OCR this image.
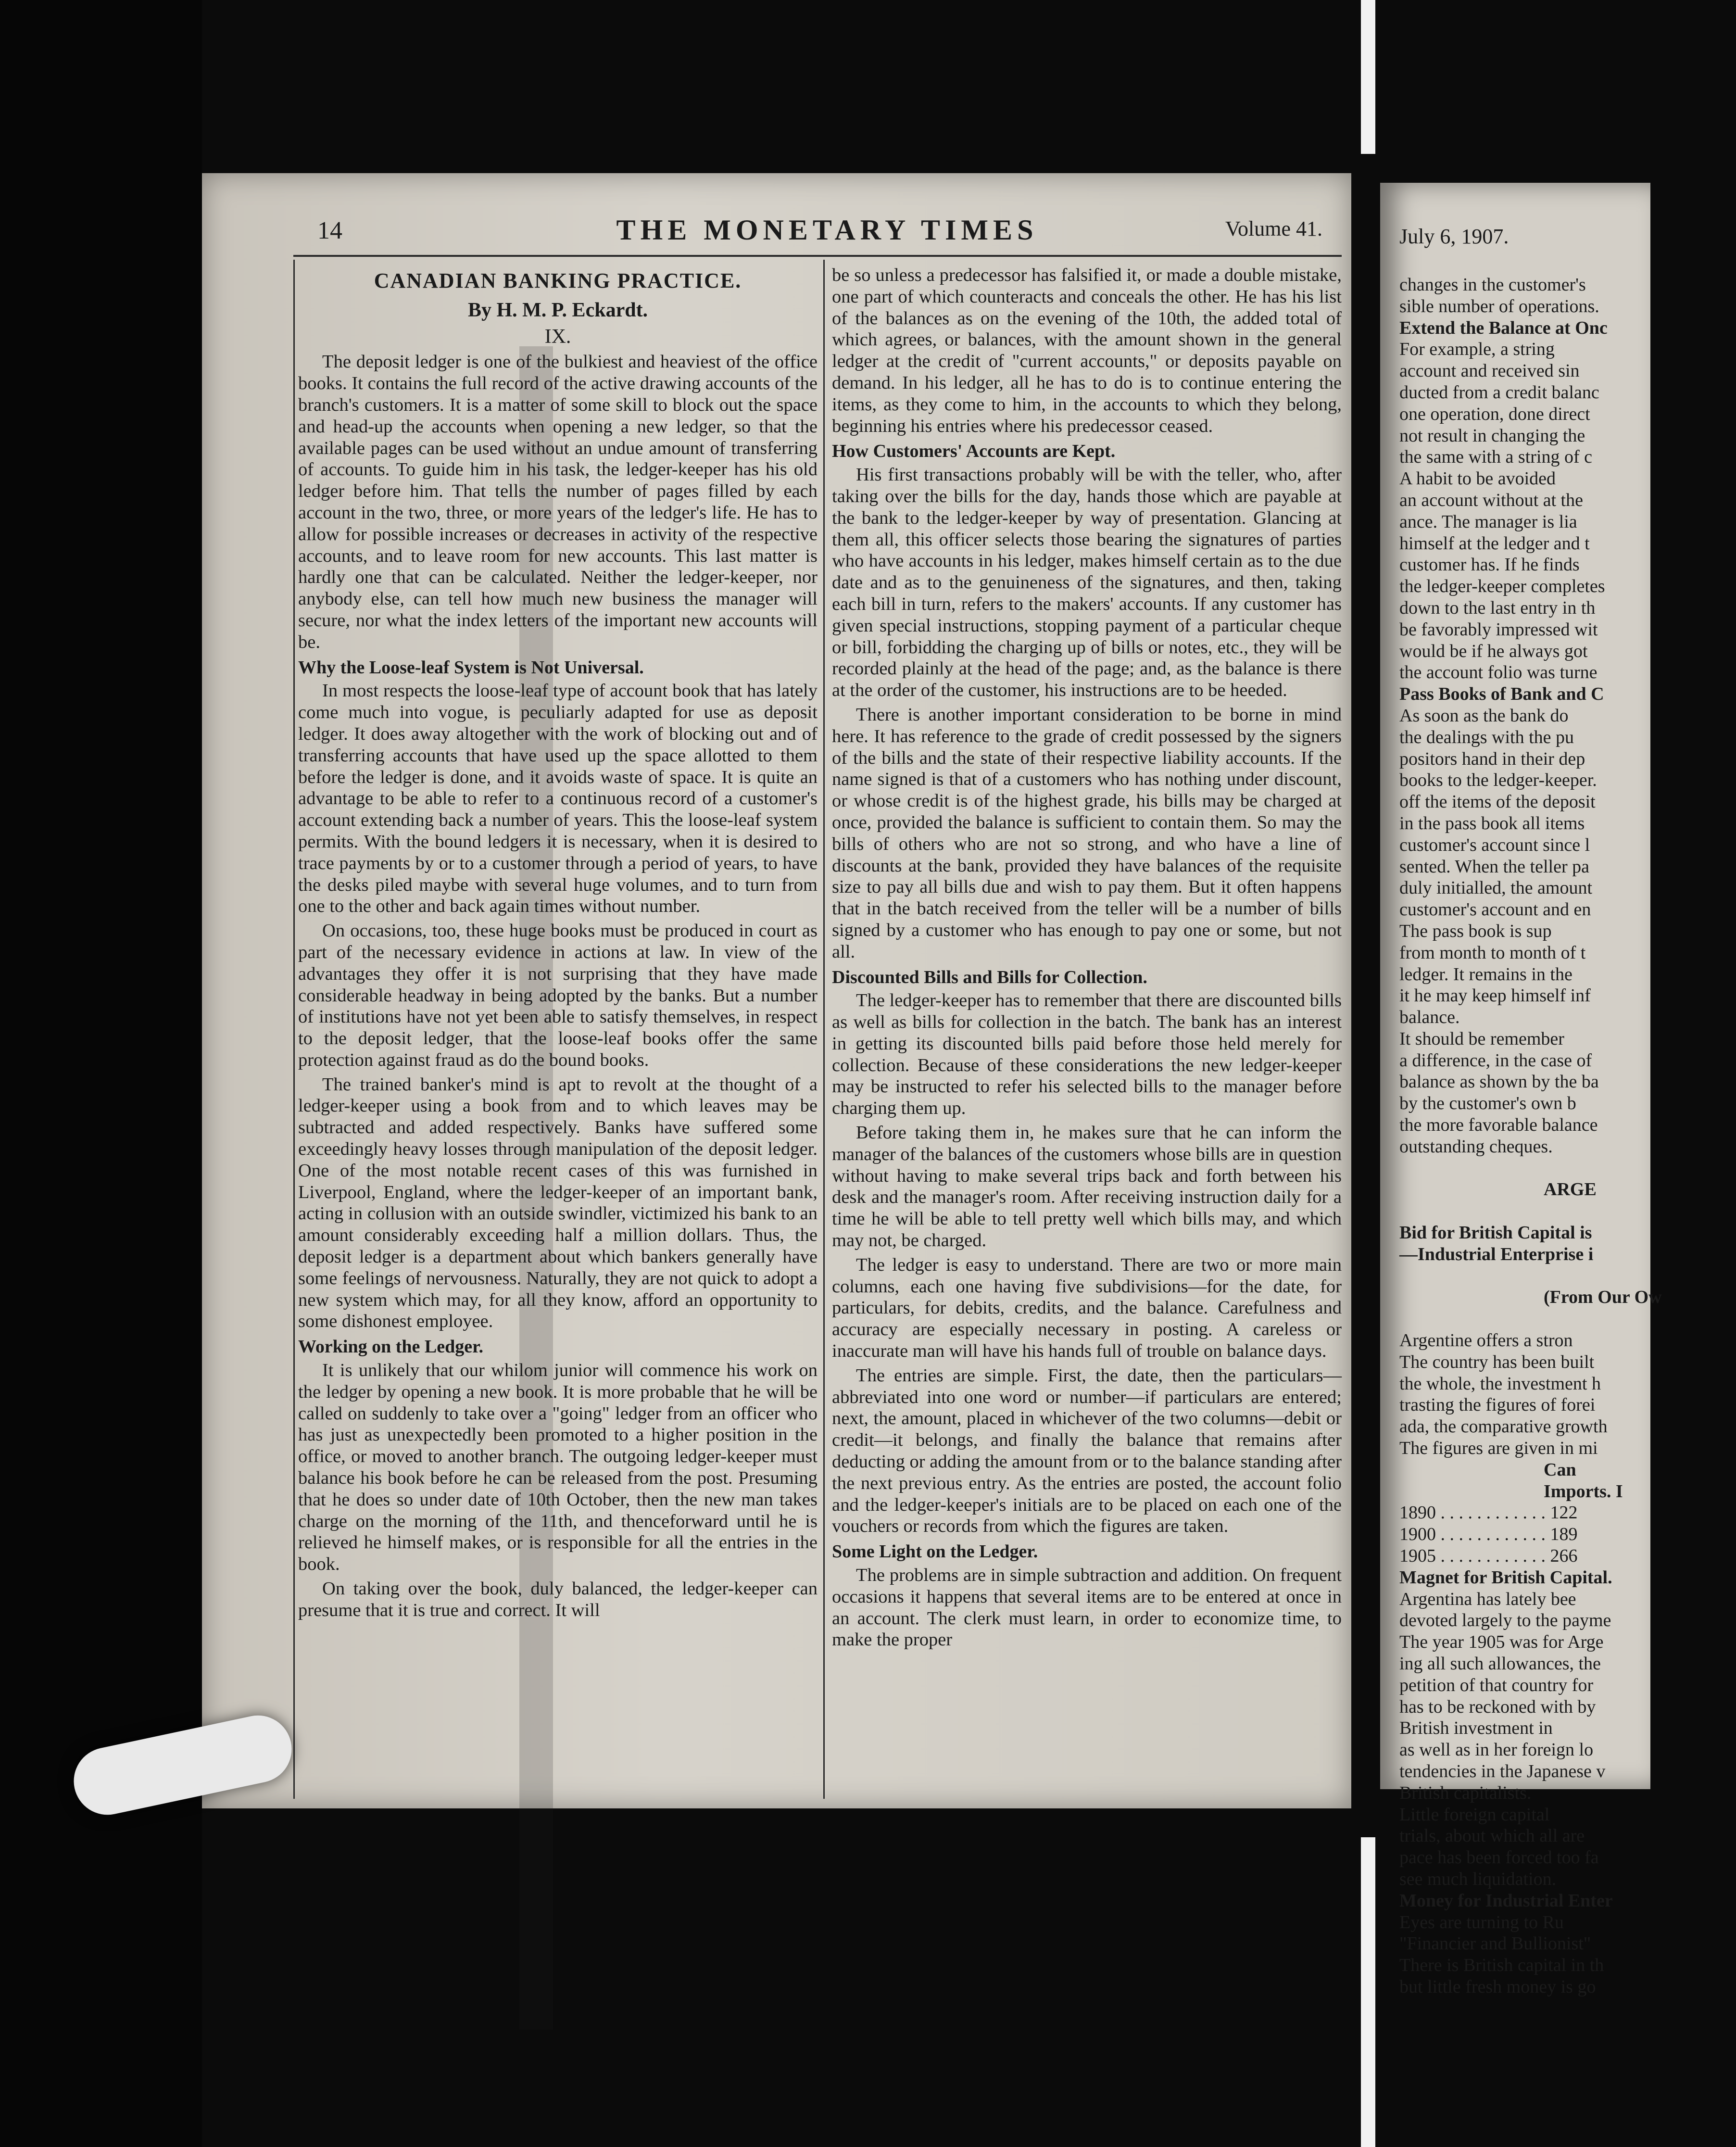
14	THE MONETARY TIMES	Volume 41.
CANADIAN BANKING PRACTICE.
By H. M. P. Eckardt.
IX.

The deposit ledger is one of the bulkiest and heaviest of the office books. It contains the full record of the active drawing accounts of the branch's customers. It is a matter of some skill to block out the space and head-up the accounts when opening a new ledger, so that the available pages can be used without an undue amount of transferring of accounts. To guide him in his task, the ledger-keeper has his old ledger before him. That tells the number of pages filled by each account in the two, three, or more years of the ledger's life. He has to allow for possible increases or decreases in activity of the respective accounts, and to leave room for new accounts. This last matter is hardly one that can be calculated. Neither the ledger-keeper, nor anybody else, can tell how much new business the manager will secure, nor what the index letters of the important new accounts will be.

Why the Loose-leaf System is Not Universal.

In most respects the loose-leaf type of account book that has lately come much into vogue, is peculiarly adapted for use as deposit ledger. It does away altogether with the work of blocking out and of transferring accounts that have used up the space allotted to them before the ledger is done, and it avoids waste of space. It is quite an advantage to be able to refer to a continuous record of a customer's account extending back a number of years. This the loose-leaf system permits. With the bound ledgers it is necessary, when it is desired to trace payments by or to a customer through a period of years, to have the desks piled maybe with several huge volumes, and to turn from one to the other and back again times without number.

On occasions, too, these huge books must be produced in court as part of the necessary evidence in actions at law. In view of the advantages they offer it is not surprising that they have made considerable headway in being adopted by the banks. But a number of institutions have not yet been able to satisfy themselves, in respect to the deposit ledger, that the loose-leaf books offer the same protection against fraud as do the bound books.

The trained banker's mind is apt to revolt at the thought of a ledger-keeper using a book from and to which leaves may be subtracted and added respectively. Banks have suffered some exceedingly heavy losses through manipulation of the deposit ledger. One of the most notable recent cases of this was furnished in Liverpool, England, where the ledger-keeper of an important bank, acting in collusion with an outside swindler, victimized his bank to an amount considerably exceeding half a million dollars. Thus, the deposit ledger is a department about which bankers generally have some feelings of nervousness. Naturally, they are not quick to adopt a new system which may, for all they know, afford an opportunity to some dishonest employee.

Working on the Ledger.

It is unlikely that our whilom junior will commence his work on the ledger by opening a new book. It is more probable that he will be called on suddenly to take over a "going" ledger from an officer who has just as unexpectedly been promoted to a higher position in the office, or moved to another branch. The outgoing ledger-keeper must balance his book before he can be released from the post. Presuming that he does so under date of 10th October, then the new man takes charge on the morning of the 11th, and thenceforward until he is relieved he himself makes, or is responsible for all the entries in the book.

On taking over the book, duly balanced, the ledger-keeper can presume that it is true and correct. It will

be so unless a predecessor has falsified it, or made a double mistake, one part of which counteracts and conceals the other. He has his list of the balances as on the evening of the 10th, the added total of which agrees, or balances, with the amount shown in the general ledger at the credit of "current accounts," or deposits payable on demand. In his ledger, all he has to do is to continue entering the items, as they come to him, in the accounts to which they belong, beginning his entries where his predecessor ceased.

How Customers' Accounts are Kept.

His first transactions probably will be with the teller, who, after taking over the bills for the day, hands those which are payable at the bank to the ledger-keeper by way of presentation. Glancing at them all, this officer selects those bearing the signatures of parties who have accounts in his ledger, makes himself certain as to the due date and as to the genuineness of the signatures, and then, taking each bill in turn, refers to the makers' accounts. If any customer has given special instructions, stopping payment of a particular cheque or bill, forbidding the charging up of bills or notes, etc., they will be recorded plainly at the head of the page; and, as the balance is there at the order of the customer, his instructions are to be heeded.

There is another important consideration to be borne in mind here. It has reference to the grade of credit possessed by the signers of the bills and the state of their respective liability accounts. If the name signed is that of a customers who has nothing under discount, or whose credit is of the highest grade, his bills may be charged at once, provided the balance is sufficient to contain them. So may the bills of others who are not so strong, and who have a line of discounts at the bank, provided they have balances of the requisite size to pay all bills due and wish to pay them. But it often happens that in the batch received from the teller will be a number of bills signed by a customer who has enough to pay one or some, but not all.

Discounted Bills and Bills for Collection.

The ledger-keeper has to remember that there are discounted bills as well as bills for collection in the batch. The bank has an interest in getting its discounted bills paid before those held merely for collection. Because of these considerations the new ledger-keeper may be instructed to refer his selected bills to the manager before charging them up.

Before taking them in, he makes sure that he can inform the manager of the balances of the customers whose bills are in question without having to make several trips back and forth between his desk and the manager's room. After receiving instruction daily for a time he will be able to tell pretty well which bills may, and which may not, be charged.

The ledger is easy to understand. There are two or more main columns, each one having five subdivisions—for the date, for particulars, for debits, credits, and the balance. Carefulness and accuracy are especially necessary in posting. A careless or inaccurate man will have his hands full of trouble on balance days.

The entries are simple. First, the date, then the particulars—abbreviated into one word or number—if particulars are entered; next, the amount, placed in whichever of the two columns—debit or credit—it belongs, and finally the balance that remains after deducting or adding the amount from or to the balance standing after the next previous entry. As the entries are posted, the account folio and the ledger-keeper's initials are to be placed on each one of the vouchers or records from which the figures are taken.

Some Light on the Ledger.

The problems are in simple subtraction and addition. On frequent occasions it happens that several items are to be entered at once in an account. The clerk must learn, in order to economize time, to make the proper

July 6, 1907.
changes in the customer's
sible number of operations.
Extend the Balance at Onc
For example, a string
account and received sin
ducted from a credit balanc
one operation, done direct
not result in changing the
the same with a string of c
A habit to be avoided
an account without at the
ance. The manager is lia
himself at the ledger and t
customer has. If he finds
the ledger-keeper completes
down to the last entry in th
be favorably impressed wit
would be if he always got
the account folio was turne
Pass Books of Bank and C
As soon as the bank do
the dealings with the pu
positors hand in their dep
books to the ledger-keeper.
off the items of the deposit
in the pass book all items
customer's account since l
sented. When the teller pa
duly initialled, the amount
customer's account and en
The pass book is sup
from month to month of t
ledger. It remains in the
it he may keep himself inf
balance.
It should be remember
a difference, in the case of
balance as shown by the ba
by the customer's own b
the more favorable balance
outstanding cheques.
ARGE
Bid for British Capital is
—Industrial Enterprise i
(From Our Ow
Argentine offers a stron
The country has been built
the whole, the investment h
trasting the figures of forei
ada, the comparative growth
The figures are given in mi
Can
Imports. I
1890 . . . . . . . . . . . . 122
1900 . . . . . . . . . . . . 189
1905 . . . . . . . . . . . . 266
Magnet for British Capital.
Argentina has lately bee
devoted largely to the payme
The year 1905 was for Arge
ing all such allowances, the
petition of that country for
has to be reckoned with by
British investment in
as well as in her foreign lo
tendencies in the Japanese v
British capitalists.
Little foreign capital
trials, about which all are
pace has been forced too fa
see much liquidation.
Money for Industrial Enter
Eyes are turning to Ru
"Financier and Bullionist"
There is British capital in th
but little fresh money is go
